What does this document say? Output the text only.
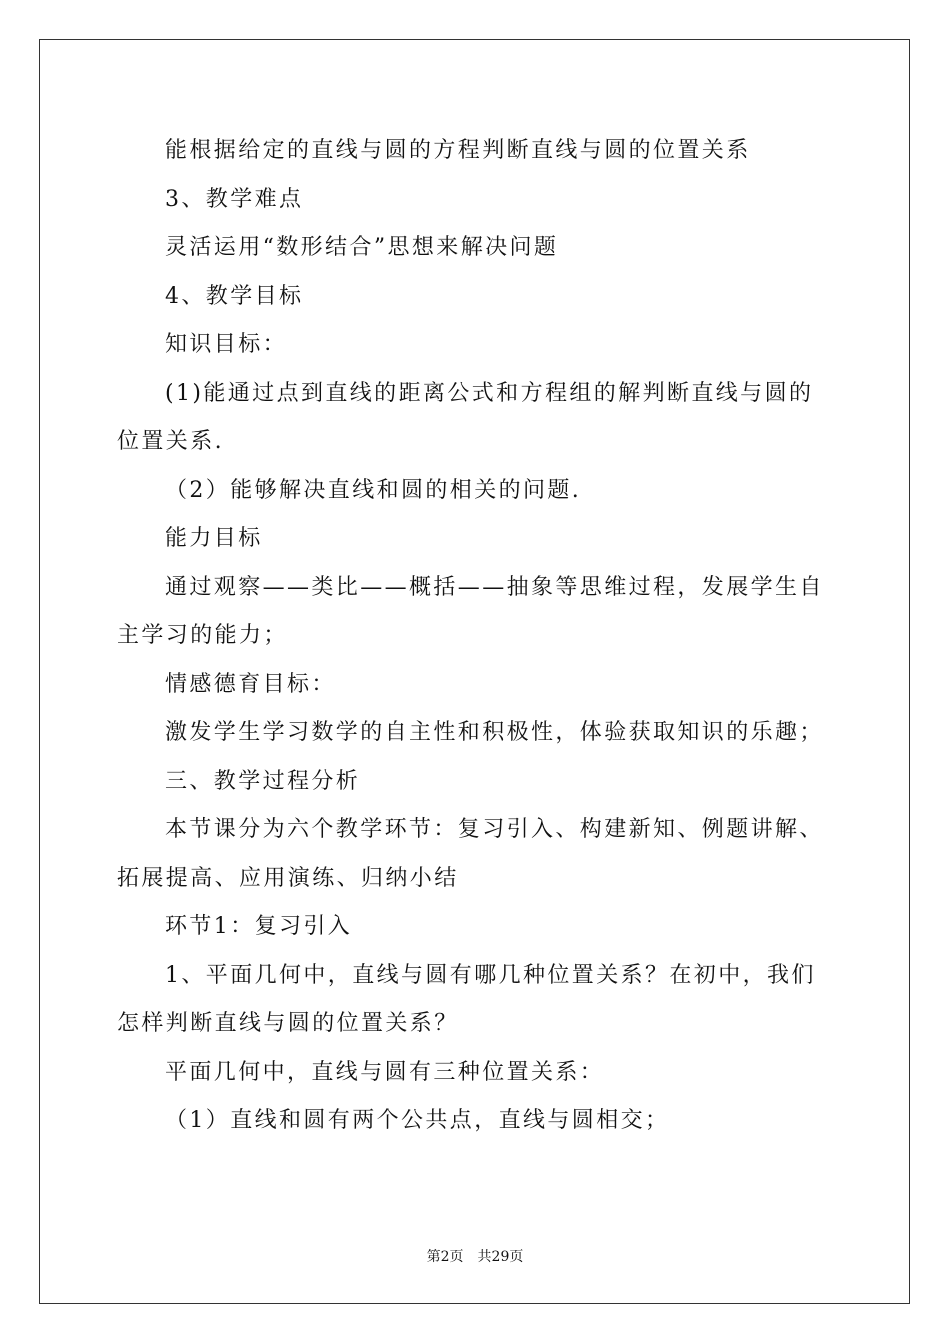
能根据给定的直线与圆的方程判断直线与圆的位置关系

3、教学难点

灵活运用“数形结合”思想来解决问题

4、教学目标

知识目标：

(1)能通过点到直线的距离公式和方程组的解判断直线与圆的位置关系.

（2）能够解决直线和圆的相关的问题.

能力目标

通过观察——类比——概括——抽象等思维过程，发展学生自主学习的能力；

情感德育目标：

激发学生学习数学的自主性和积极性，体验获取知识的乐趣；

三、教学过程分析

本节课分为六个教学环节：复习引入、构建新知、例题讲解、拓展提高、应用演练、归纳小结

环节1：复习引入

1、平面几何中，直线与圆有哪几种位置关系？在初中，我们怎样判断直线与圆的位置关系？

平面几何中，直线与圆有三种位置关系：

（1）直线和圆有两个公共点，直线与圆相交；

第2页 共29页
